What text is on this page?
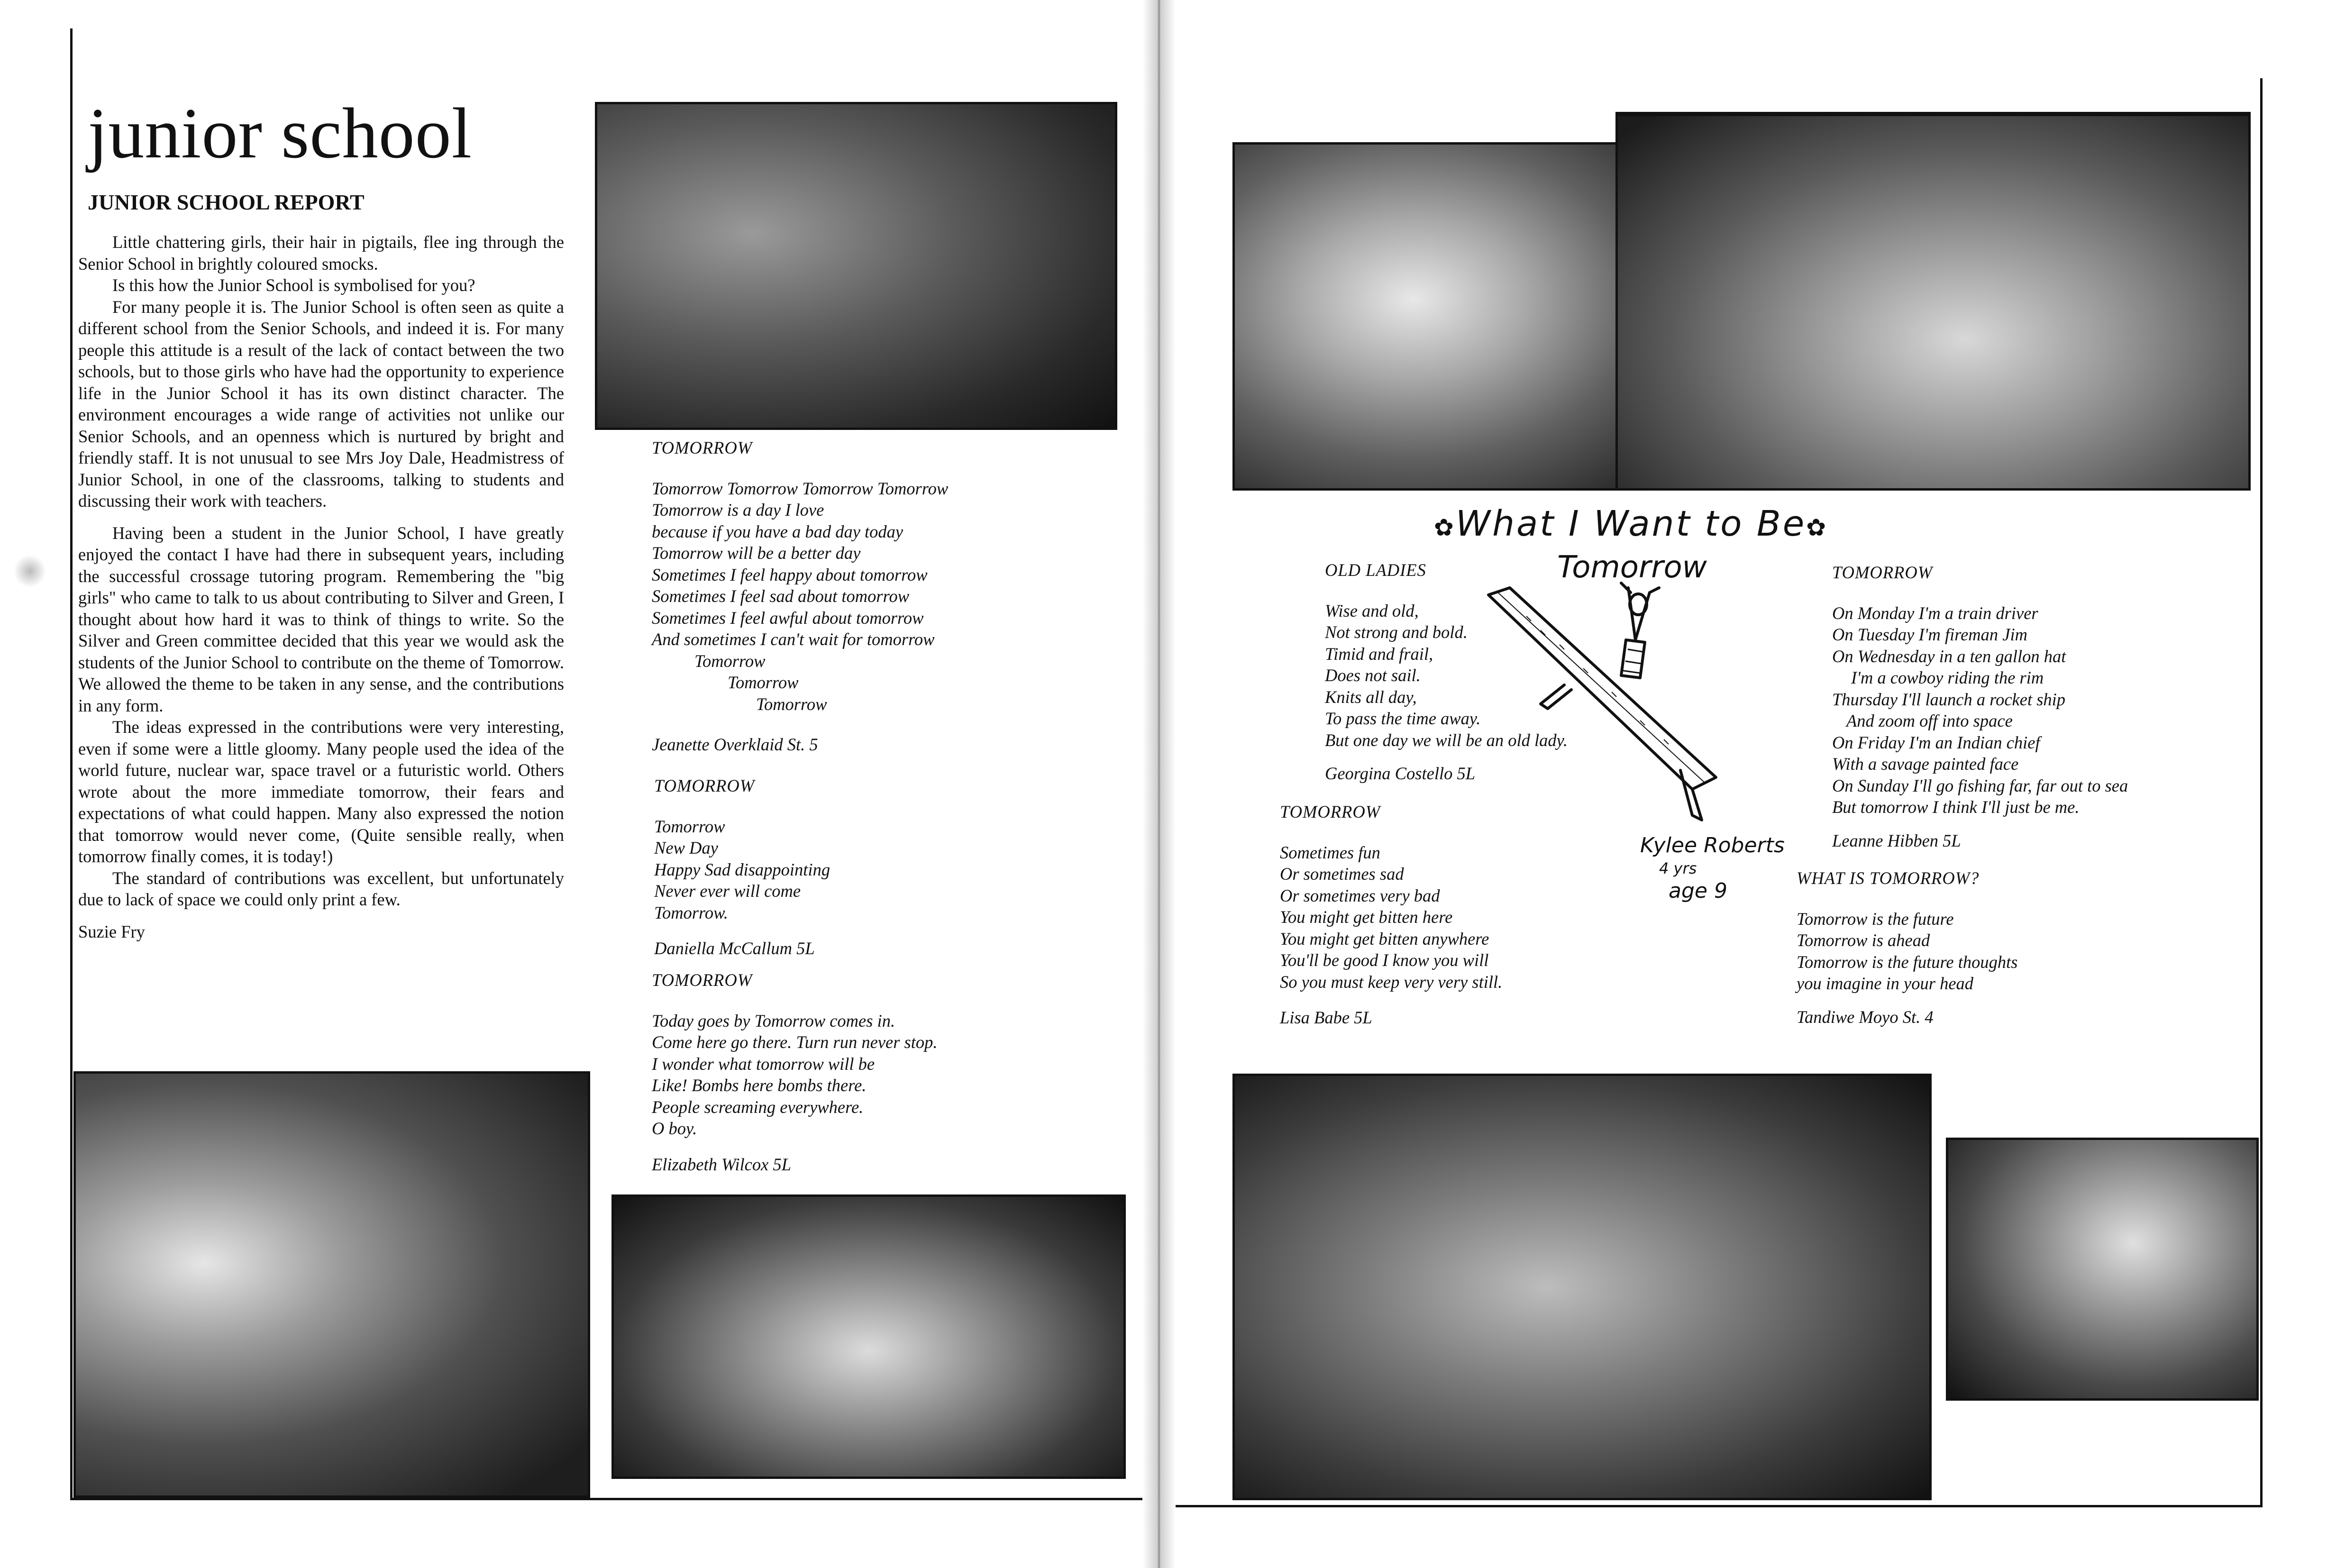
junior school
JUNIOR SCHOOL REPORT

Little chattering girls, their hair in pigtails, flee ing through the Senior School in brightly coloured smocks.

Is this how the Junior School is symbolised for you?

For many people it is. The Junior School is often seen as quite a different school from the Senior Schools, and indeed it is. For many people this attitude is a result of the lack of contact between the two schools, but to those girls who have had the opportunity to experience life in the Junior School it has its own distinct character. The environment encourages a wide range of activities not unlike our Senior Schools, and an openness which is nurtured by bright and friendly staff. It is not unusual to see Mrs Joy Dale, Headmistress of Junior School, in one of the classrooms, talking to students and discussing their work with teachers.

Having been a student in the Junior School, I have greatly enjoyed the contact I have had there in subsequent years, including the successful crossage tutoring program. Remembering the "big girls" who came to talk to us about contributing to Silver and Green, I thought about how hard it was to think of things to write. So the Silver and Green committee decided that this year we would ask the students of the Junior School to contribute on the theme of Tomorrow. We allowed the theme to be taken in any sense, and the contributions in any form.

The ideas expressed in the contributions were very interesting, even if some were a little gloomy. Many people used the idea of the world future, nuclear war, space travel or a futuristic world. Others wrote about the more immediate tomorrow, their fears and expectations of what could happen. Many also expressed the notion that tomorrow would never come, (Quite sensible really, when tomorrow finally comes, it is today!)

The standard of contributions was excellent, but unfortunately due to lack of space we could only print a few.

Suzie Fry

TOMORROW
Tomorrow Tomorrow Tomorrow Tomorrow
Tomorrow is a day I love
because if you have a bad day today
Tomorrow will be a better day
Sometimes I feel happy about tomorrow
Sometimes I feel sad about tomorrow
Sometimes I feel awful about tomorrow
And sometimes I can't wait for tomorrow
Tomorrow
Tomorrow
Tomorrow
Jeanette Overklaid St. 5
TOMORROW
Tomorrow
New Day
Happy Sad disappointing
Never ever will come
Tomorrow.
Daniella McCallum 5L
TOMORROW
Today goes by Tomorrow comes in.
Come here go there. Turn run never stop.
I wonder what tomorrow will be
Like! Bombs here bombs there.
People screaming everywhere.
O boy.
Elizabeth Wilcox 5L
✿What I Want to Be✿
Tomorrow
Kylee Roberts
4 yrs
age 9
OLD LADIES
Wise and old,
Not strong and bold.
Timid and frail,
Does not sail.
Knits all day,
To pass the time away.
But one day we will be an old lady.
Georgina Costello 5L
TOMORROW
Sometimes fun
Or sometimes sad
Or sometimes very bad
You might get bitten here
You might get bitten anywhere
You'll be good I know you will
So you must keep very very still.
Lisa Babe 5L
TOMORROW
On Monday I'm a train driver
On Tuesday I'm fireman Jim
On Wednesday in a ten gallon hat
I'm a cowboy riding the rim
Thursday I'll launch a rocket ship
And zoom off into space
On Friday I'm an Indian chief
With a savage painted face
On Sunday I'll go fishing far, far out to sea
But tomorrow I think I'll just be me.
Leanne Hibben 5L
WHAT IS TOMORROW?
Tomorrow is the future
Tomorrow is ahead
Tomorrow is the future thoughts
you imagine in your head
Tandiwe Moyo St. 4
